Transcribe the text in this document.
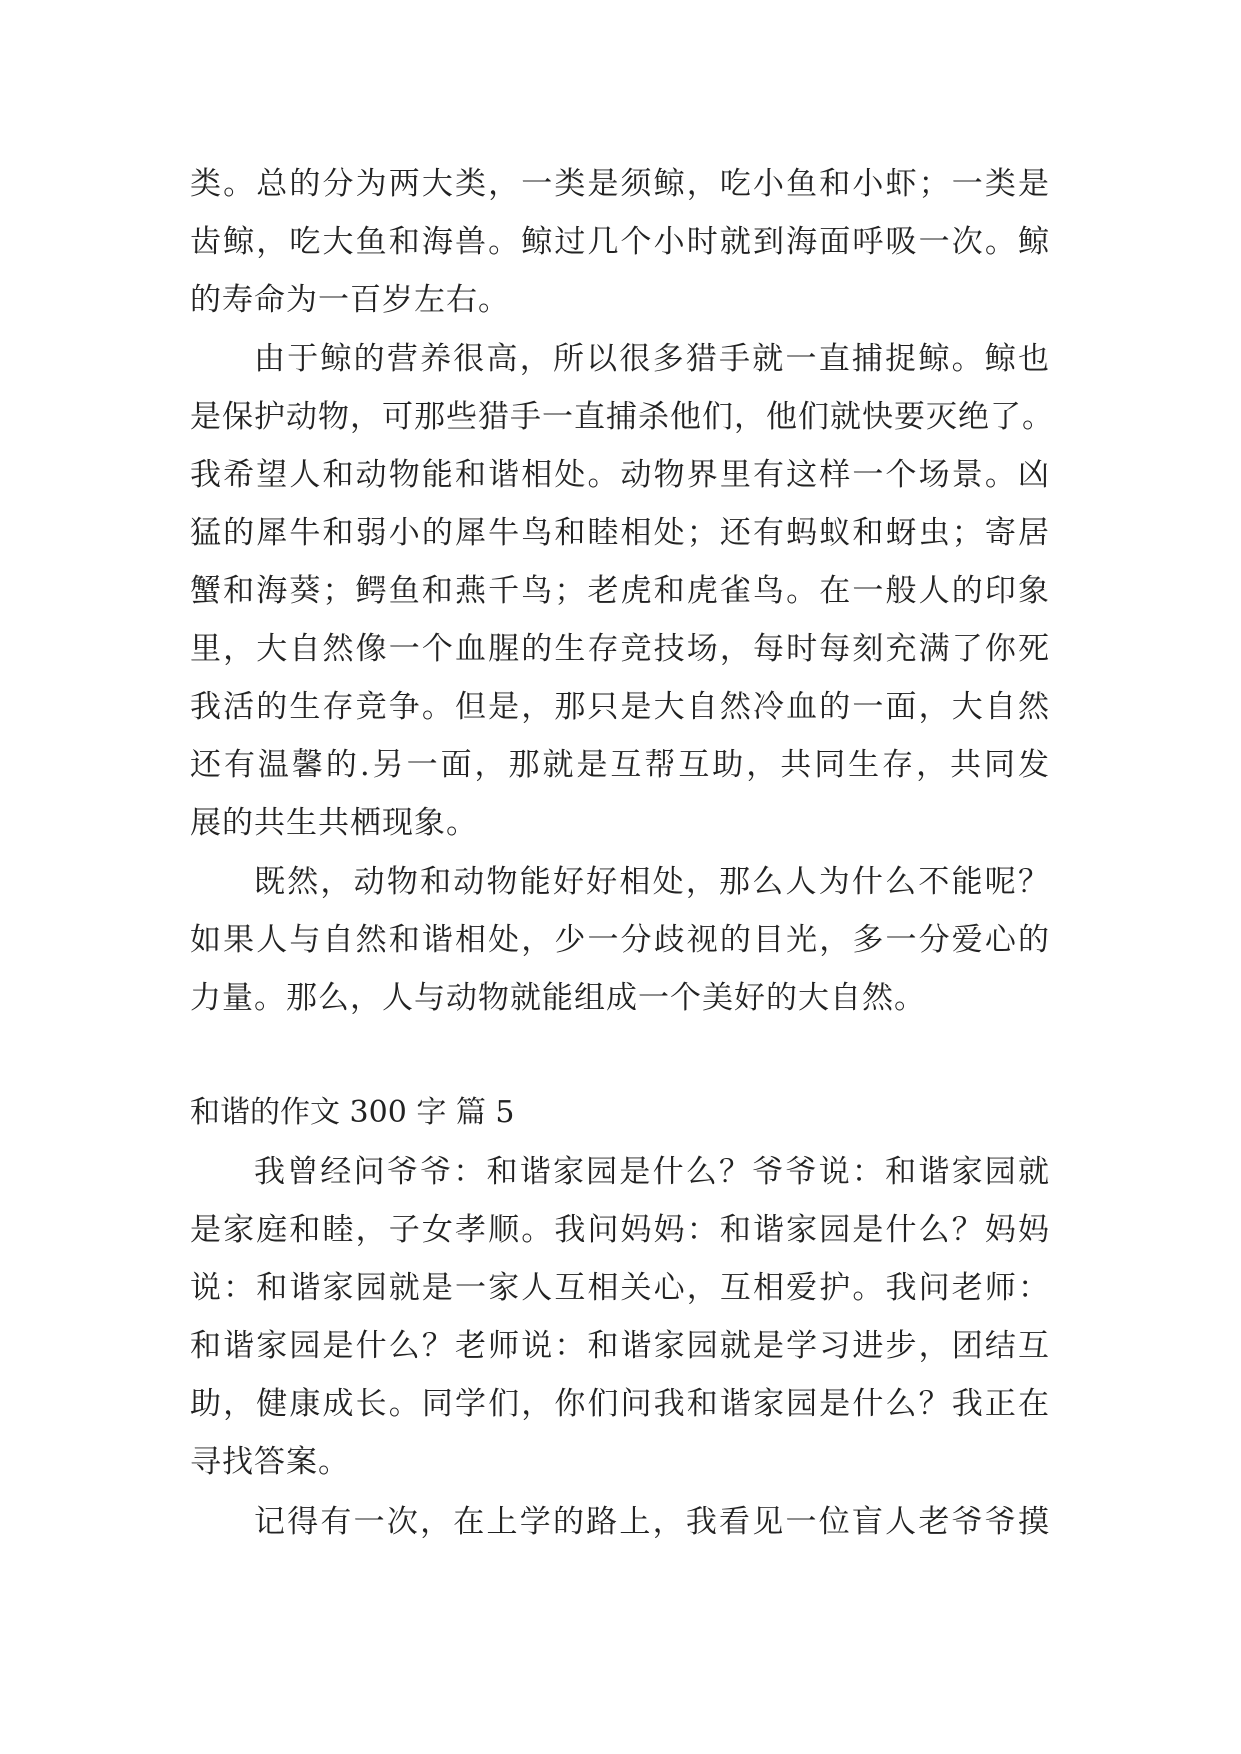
类。总的分为两大类，一类是须鲸，吃小鱼和小虾；一类是
齿鲸，吃大鱼和海兽。鲸过几个小时就到海面呼吸一次。鲸
的寿命为一百岁左右。
由于鲸的营养很高，所以很多猎手就一直捕捉鲸。鲸也
是保护动物，可那些猎手一直捕杀他们，他们就快要灭绝了。
我希望人和动物能和谐相处。动物界里有这样一个场景。凶
猛的犀牛和弱小的犀牛鸟和睦相处；还有蚂蚁和蚜虫；寄居
蟹和海葵；鳄鱼和燕千鸟；老虎和虎雀鸟。在一般人的印象
里，大自然像一个血腥的生存竞技场，每时每刻充满了你死
我活的生存竞争。但是，那只是大自然冷血的一面，大自然
还有温馨的.另一面，那就是互帮互助，共同生存，共同发
展的共生共栖现象。
既然，动物和动物能好好相处，那么人为什么不能呢？
如果人与自然和谐相处，少一分歧视的目光，多一分爱心的
力量。那么，人与动物就能组成一个美好的大自然。
和谐的作文 300 字 篇 5
我曾经问爷爷：和谐家园是什么？爷爷说：和谐家园就
是家庭和睦，子女孝顺。我问妈妈：和谐家园是什么？妈妈
说：和谐家园就是一家人互相关心，互相爱护。我问老师：
和谐家园是什么？老师说：和谐家园就是学习进步，团结互
助，健康成长。同学们，你们问我和谐家园是什么？我正在
寻找答案。
记得有一次，在上学的路上，我看见一位盲人老爷爷摸
